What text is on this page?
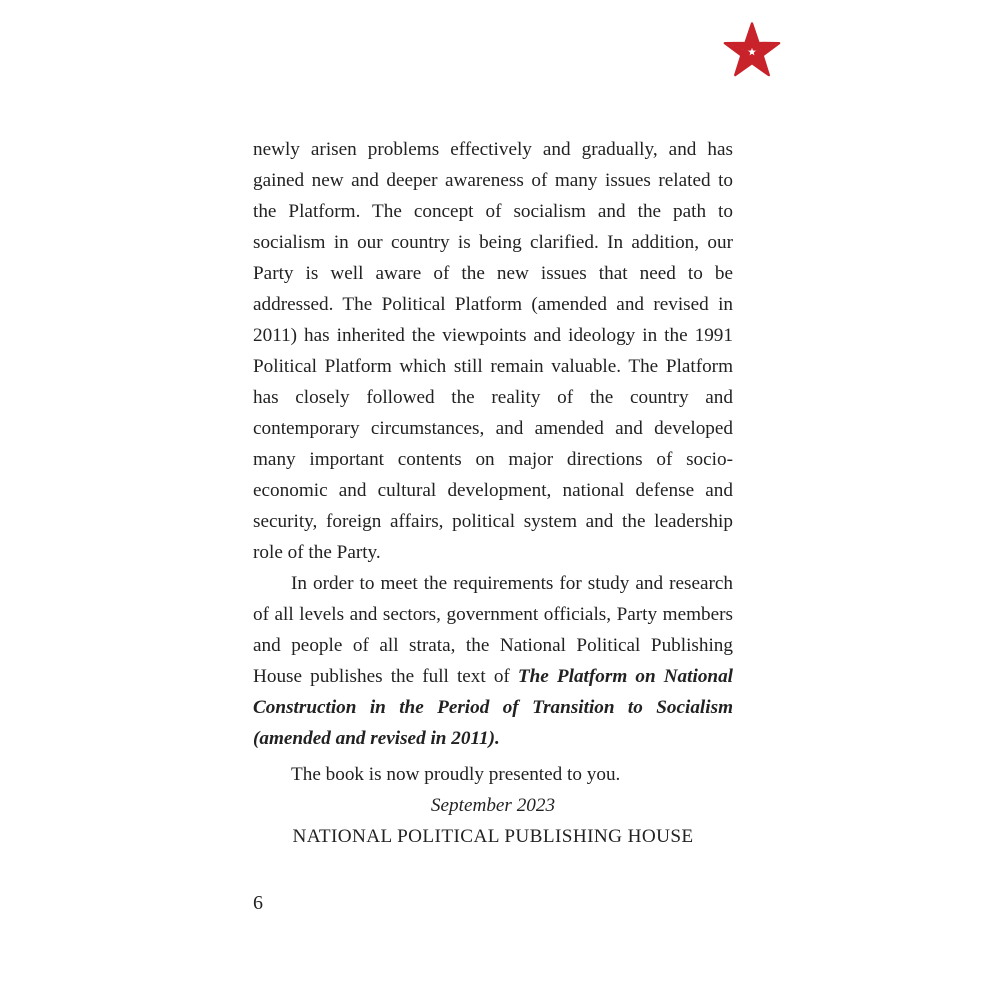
newly arisen problems effectively and gradually, and has gained new and deeper awareness of many issues related to the Platform. The concept of socialism and the path to socialism in our country is being clarified. In addition, our Party is well aware of the new issues that need to be addressed. The Political Platform (amended and revised in 2011) has inherited the viewpoints and ideology in the 1991 Political Platform which still remain valuable. The Platform has closely followed the reality of the country and contemporary circumstances, and amended and developed many important contents on major directions of socio-economic and cultural development, national defense and security, foreign affairs, political system and the leadership role of the Party.

In order to meet the requirements for study and research of all levels and sectors, government officials, Party members and people of all strata, the National Political Publishing House publishes the full text of The Platform on National Construction in the Period of Transition to Socialism (amended and revised in 2011).

The book is now proudly presented to you.

September 2023

NATIONAL POLITICAL PUBLISHING HOUSE

6
